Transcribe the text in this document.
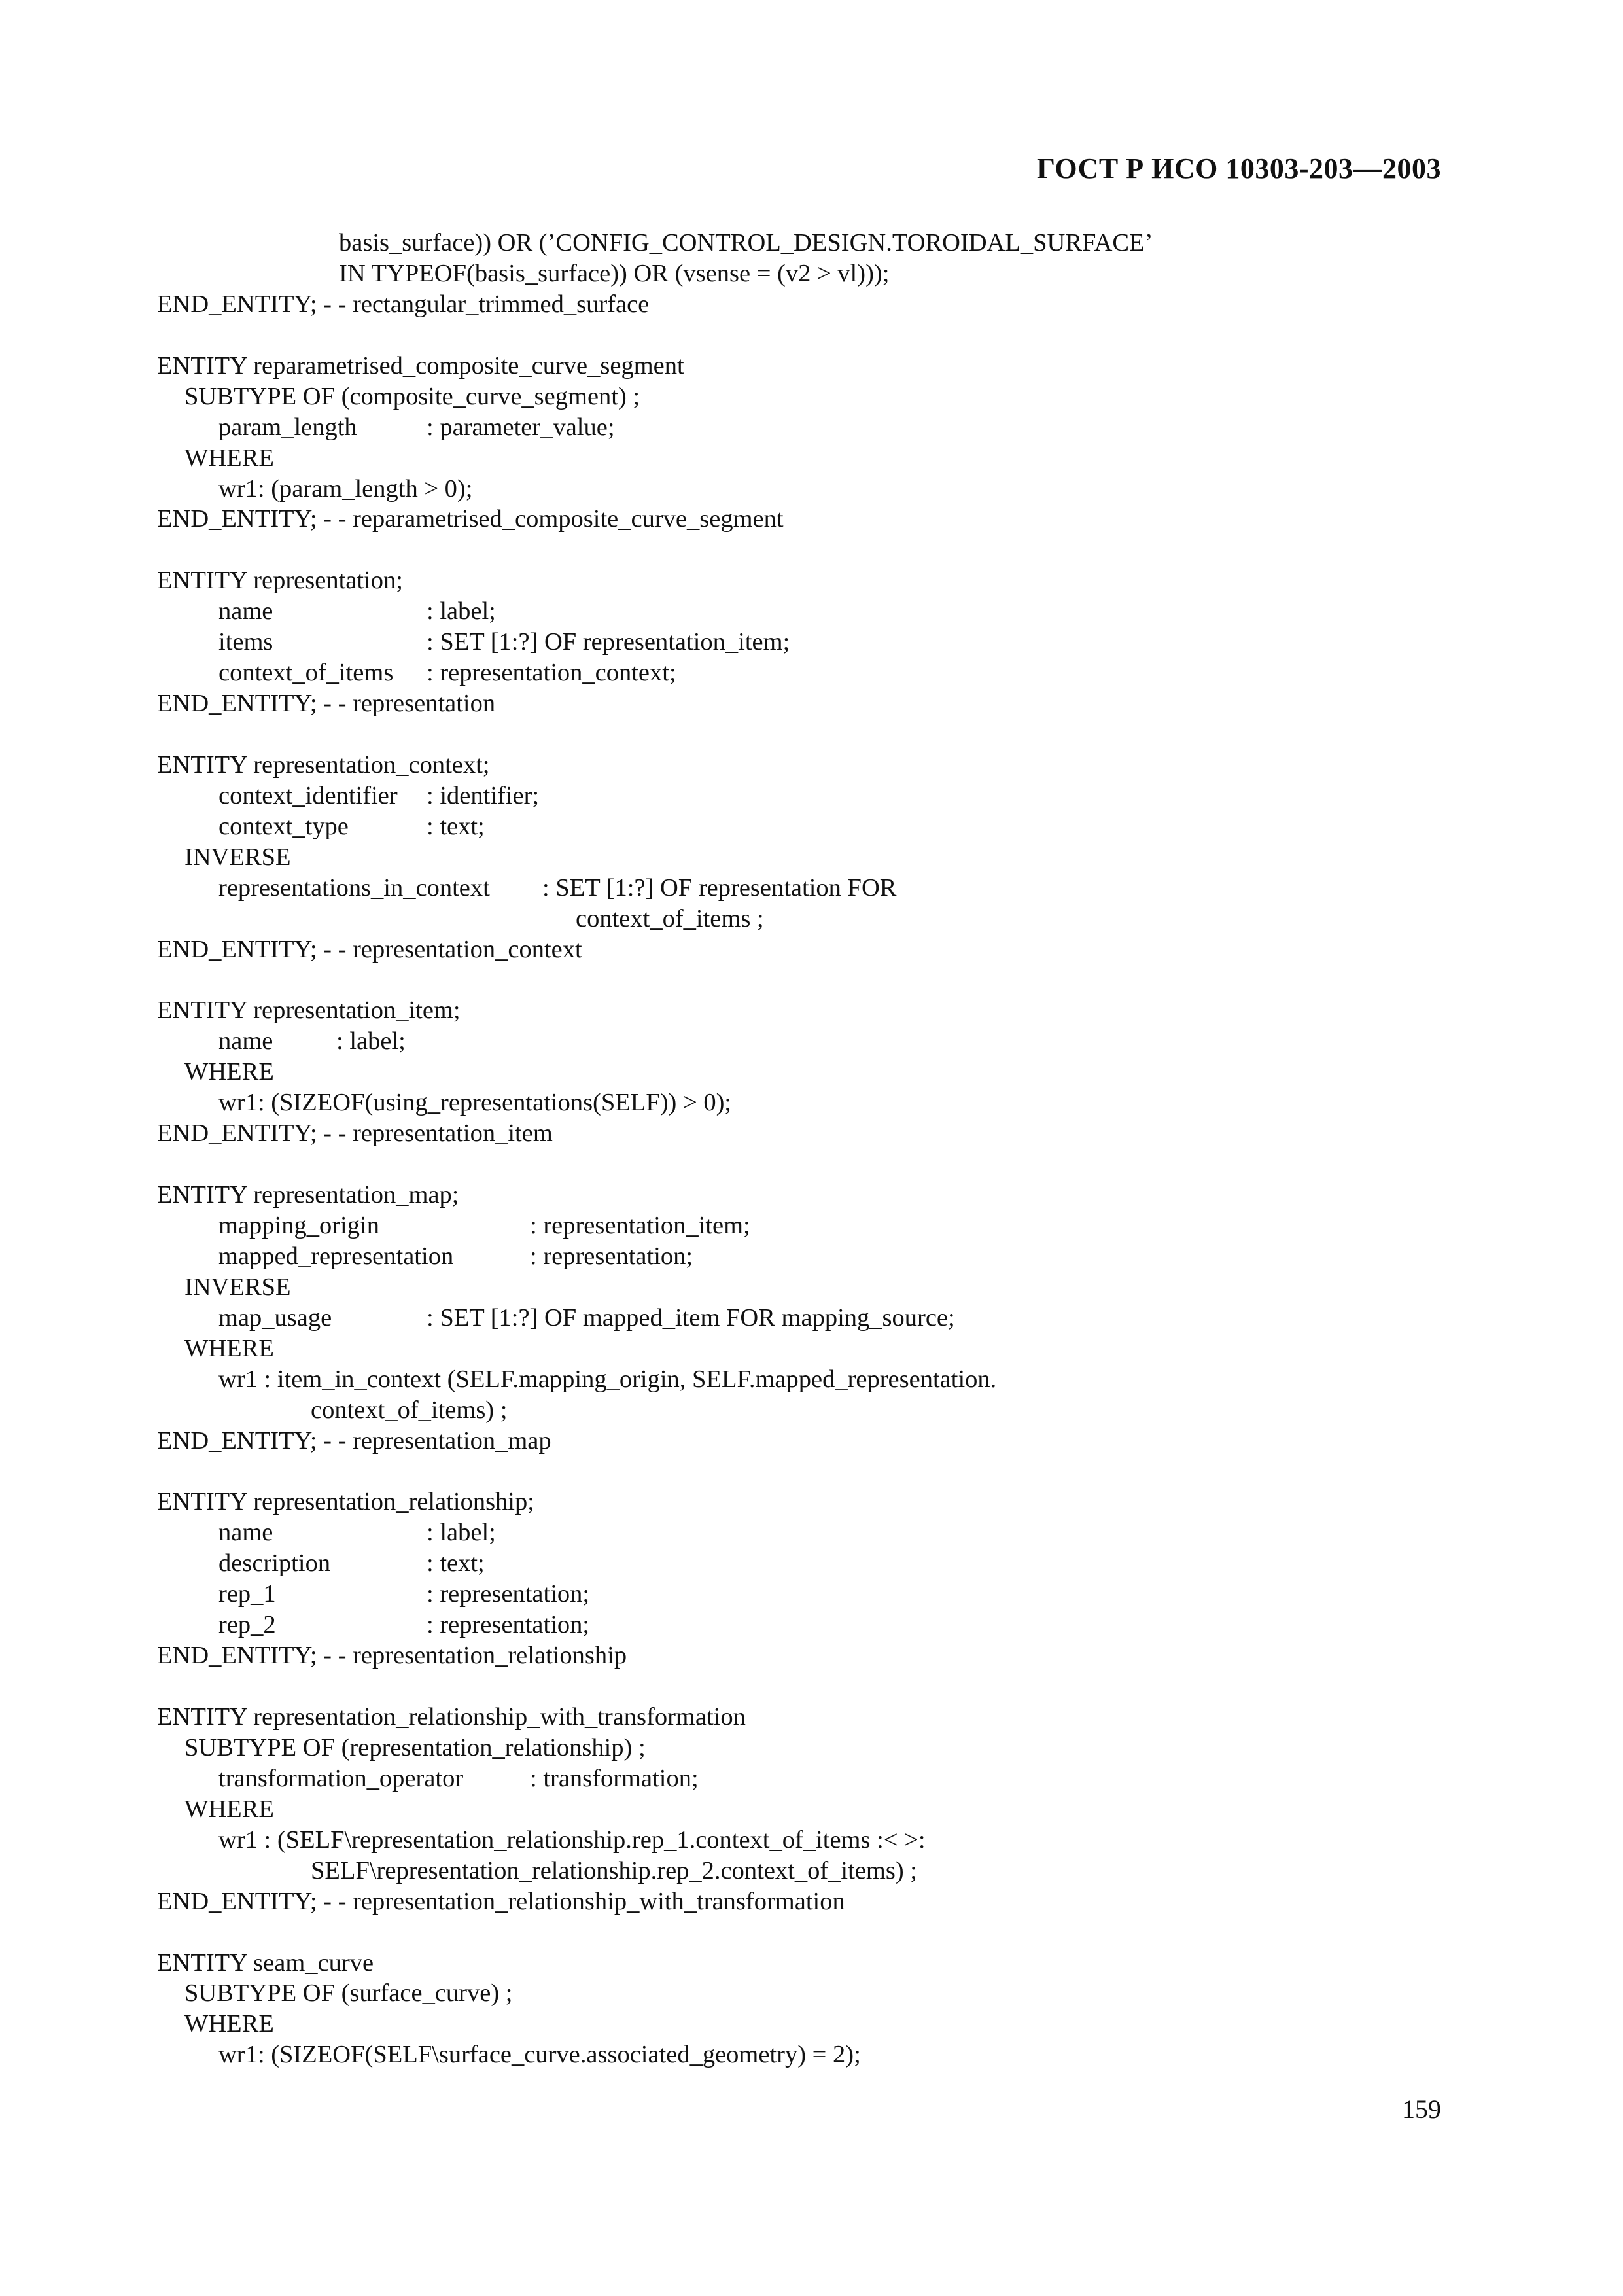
ГОСТ Р ИСО 10303-203—2003
basis_surface)) OR (’CONFIG_CONTROL_DESIGN.TOROIDAL_SURFACE’
IN TYPEOF(basis_surface)) OR (vsense = (v2 > vl)));
END_ENTITY; - - rectangular_trimmed_surface
ENTITY reparametrised_composite_curve_segment
SUBTYPE OF (composite_curve_segment) ;
param_length	: parameter_value;
WHERE
wr1: (param_length > 0);
END_ENTITY; - - reparametrised_composite_curve_segment
ENTITY representation;
name	: label;
items	: SET [1:?] OF representation_item;
context_of_items : representation_context;
END_ENTITY; - - representation
ENTITY representation_context;
context_identifier : identifier;
context_type	: text;
INVERSE
representations_in_context : SET [1:?] OF representation FOR
context_of_items ;
END_ENTITY; - - representation_context
ENTITY representation_item;
name	: label;
WHERE
wr1: (SIZEOF(using_representations(SELF)) > 0);
END_ENTITY; - - representation_item
ENTITY representation_map;
mapping_origin	: representation_item;
mapped_representation	: representation;
INVERSE
map_usage	: SET [1:?] OF mapped_item FOR mapping_source;
WHERE
wr1 : item_in_context (SELF.mapping_origin, SELF.mapped_representation.
context_of_items) ;
END_ENTITY; - - representation_map
ENTITY representation_relationship;
name	: label;
description	: text;
rep_1	: representation;
rep_2	: representation;
END_ENTITY; - - representation_relationship
ENTITY representation_relationship_with_transformation
SUBTYPE OF (representation_relationship) ;
transformation_operator	: transformation;
WHERE
wr1 : (SELF\representation_relationship.rep_1.context_of_items :< >:
SELF\representation_relationship.rep_2.context_of_items) ;
END_ENTITY; - - representation_relationship_with_transformation
ENTITY seam_curve
SUBTYPE OF (surface_curve) ;
WHERE
wr1: (SIZEOF(SELF\surface_curve.associated_geometry) = 2);
159
